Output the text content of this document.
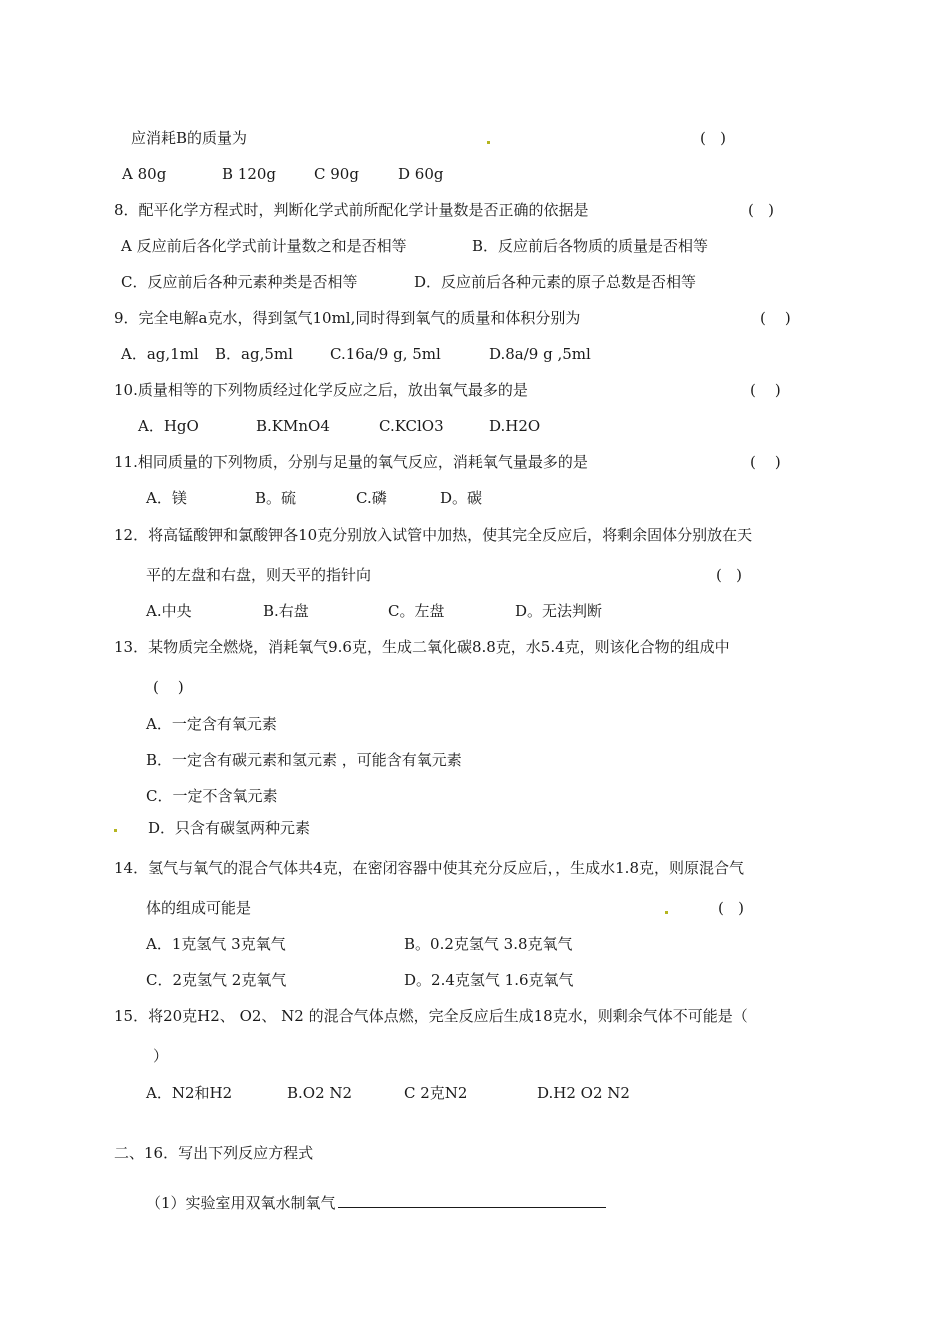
应消耗B的质量为	(   )
A 80g	B 120g	C 90g	D 60g
8．配平化学方程式时，判断化学式前所配化学计量数是否正确的依据是	(   )
A 反应前后各化学式前计量数之和是否相等	B．反应前后各物质的质量是否相等
C．反应前后各种元素种类是否相等	D．反应前后各种元素的原子总数是否相等
9．完全电解a克水，得到氢气10ml,同时得到氧气的质量和体积分别为	(    )
A．ag,1ml B．ag,5ml C.16a/9 g, 5ml	D.8a/9 g ,5ml
10.质量相等的下列物质经过化学反应之后，放出氧气最多的是	(    )
A．HgO	B.KMnO4	C.KClO3	D.H2O
11.相同质量的下列物质，分别与足量的氧气反应，消耗氧气量最多的是	(    )
A．镁	B。硫	C.磷	D。碳
12．将高锰酸钾和氯酸钾各10克分别放入试管中加热，使其完全反应后，将剩余固体分别放在天
平的左盘和右盘，则天平的指针向	(   )
A.中央	B.右盘	C。左盘	D。无法判断
13．某物质完全燃烧，消耗氧气9.6克，生成二氧化碳8.8克，水5.4克，则该化合物的组成中
(    )
A．一定含有氧元素
B．一定含有碳元素和氢元素 ，可能含有氧元素
C．一定不含氧元素
D．只含有碳氢两种元素
14．氢气与氧气的混合气体共4克，在密闭容器中使其充分反应后，，生成水1.8克，则原混合气
体的组成可能是	(   )
A．1克氢气 3克氧气	B。0.2克氢气 3.8克氧气
C．2克氢气 2克氧气	D。2.4克氢气 1.6克氧气
15．将20克H2、 O2、 N2 的混合气体点燃，完全反应后生成18克水，则剩余气体不可能是（
）
A．N2和H2	B.O2 N2	C 2克N2	D.H2 O2 N2
二、16．写出下列反应方程式
（1）实验室用双氧水制氧气
